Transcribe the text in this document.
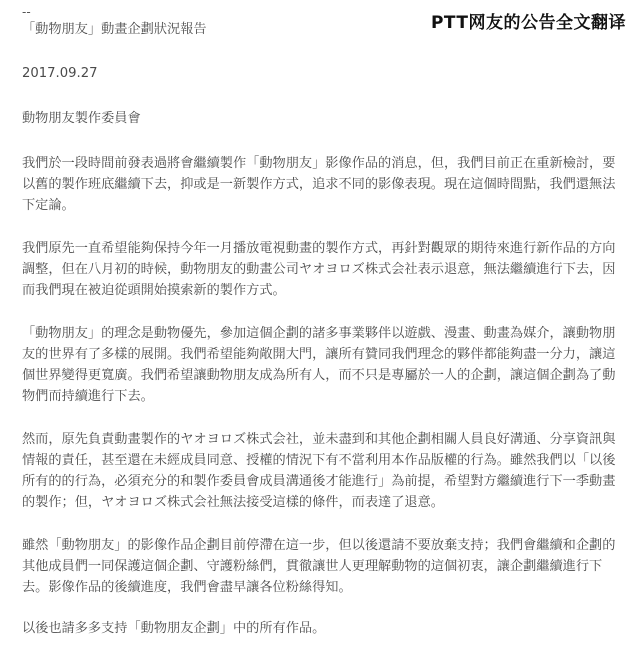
PTT网友的公告全文翻译
--
「動物朋友」動畫企劃狀況報告
2017.09.27
動物朋友製作委員會
我們於一段時間前發表過將會繼續製作「動物朋友」影像作品的消息，但，我們目前正在重新檢討，要以舊的製作班底繼續下去，抑或是一新製作方式，追求不同的影像表現。現在這個時間點，我們還無法下定論。
我們原先一直希望能夠保持今年一月播放電視動畫的製作方式，再針對觀眾的期待來進行新作品的方向調整，但在八月初的時候，動物朋友的動畫公司ヤオヨロズ株式会社表示退意，無法繼續進行下去，因而我們現在被迫從頭開始摸索新的製作方式。
「動物朋友」的理念是動物優先，參加這個企劃的諸多事業夥伴以遊戲、漫畫、動畫為媒介，讓動物朋友的世界有了多樣的展開。我們希望能夠敞開大門，讓所有贊同我們理念的夥伴都能夠盡一分力，讓這個世界變得更寬廣。我們希望讓動物朋友成為所有人，而不只是專屬於一人的企劃，讓這個企劃為了動物們而持續進行下去。
然而，原先負責動畫製作的ヤオヨロズ株式会社，並未盡到和其他企劃相關人員良好溝通、分享資訊與情報的責任，甚至還在未經成員同意、授權的情況下有不當利用本作品版權的行為。雖然我們以「以後所有的的行為，必須充分的和製作委員會成員溝通後才能進行」為前提，希望對方繼續進行下一季動畫的製作；但，ヤオヨロズ株式会社無法接受這樣的條件，而表達了退意。
雖然「動物朋友」的影像作品企劃目前停滯在這一步，但以後還請不要放棄支持；我們會繼續和企劃的其他成員們一同保護這個企劃、守護粉絲們，貫徹讓世人更理解動物的這個初衷，讓企劃繼續進行下去。影像作品的後續進度，我們會盡早讓各位粉絲得知。
以後也請多多支持「動物朋友企劃」中的所有作品。
